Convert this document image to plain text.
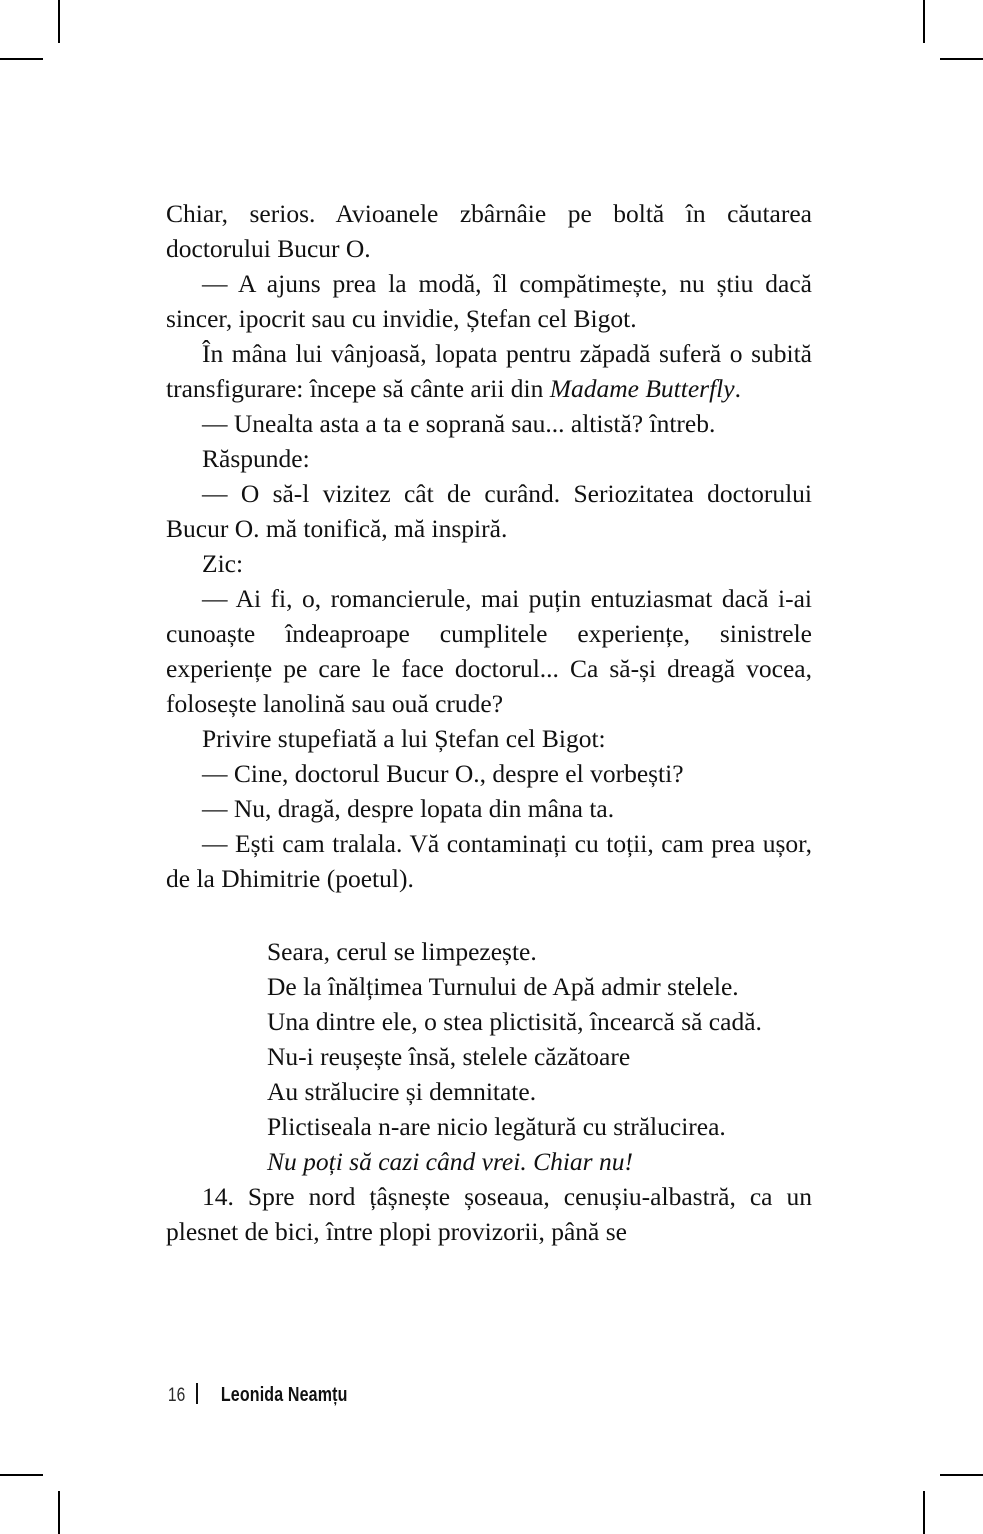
Chiar, serios. Avioanele zbârnâie pe boltă în căutarea doctorului Bucur O.

— A ajuns prea la modă, îl compătimește, nu știu dacă sincer, ipocrit sau cu invidie, Ștefan cel Bigot.

În mâna lui vânjoasă, lopata pentru zăpadă suferă o subită transfigurare: începe să cânte arii din Madame Butterfly.

— Unealta asta a ta e soprană sau... altistă? întreb.

Răspunde:

— O să-l vizitez cât de curând. Seriozitatea doctorului Bucur O. mă tonifică, mă inspiră.

Zic:

— Ai fi, o, romancierule, mai puțin entuziasmat dacă i-ai cunoaște îndeaproape cumplitele experiențe, sinistrele experiențe pe care le face doctorul... Ca să-și dreagă vocea, folosește lanolină sau ouă crude?

Privire stupefiată a lui Ștefan cel Bigot:

— Cine, doctorul Bucur O., despre el vorbești?

— Nu, dragă, despre lopata din mâna ta.

— Ești cam tralala. Vă contaminați cu toții, cam prea ușor, de la Dhimitrie (poetul).

Seara, cerul se limpezește.
De la înălțimea Turnului de Apă admir stelele.
Una dintre ele, o stea plictisită, încearcă să cadă.
Nu-i reușește însă, stelele căzătoare
Au strălucire și demnitate.
Plictiseala n-are nicio legătură cu strălucirea.
Nu poți să cazi când vrei. Chiar nu!

14. Spre nord țâșnește șoseaua, cenușiu-albastră, ca un plesnet de bici, între plopi provizorii, până se

16 Leonida Neamțu
